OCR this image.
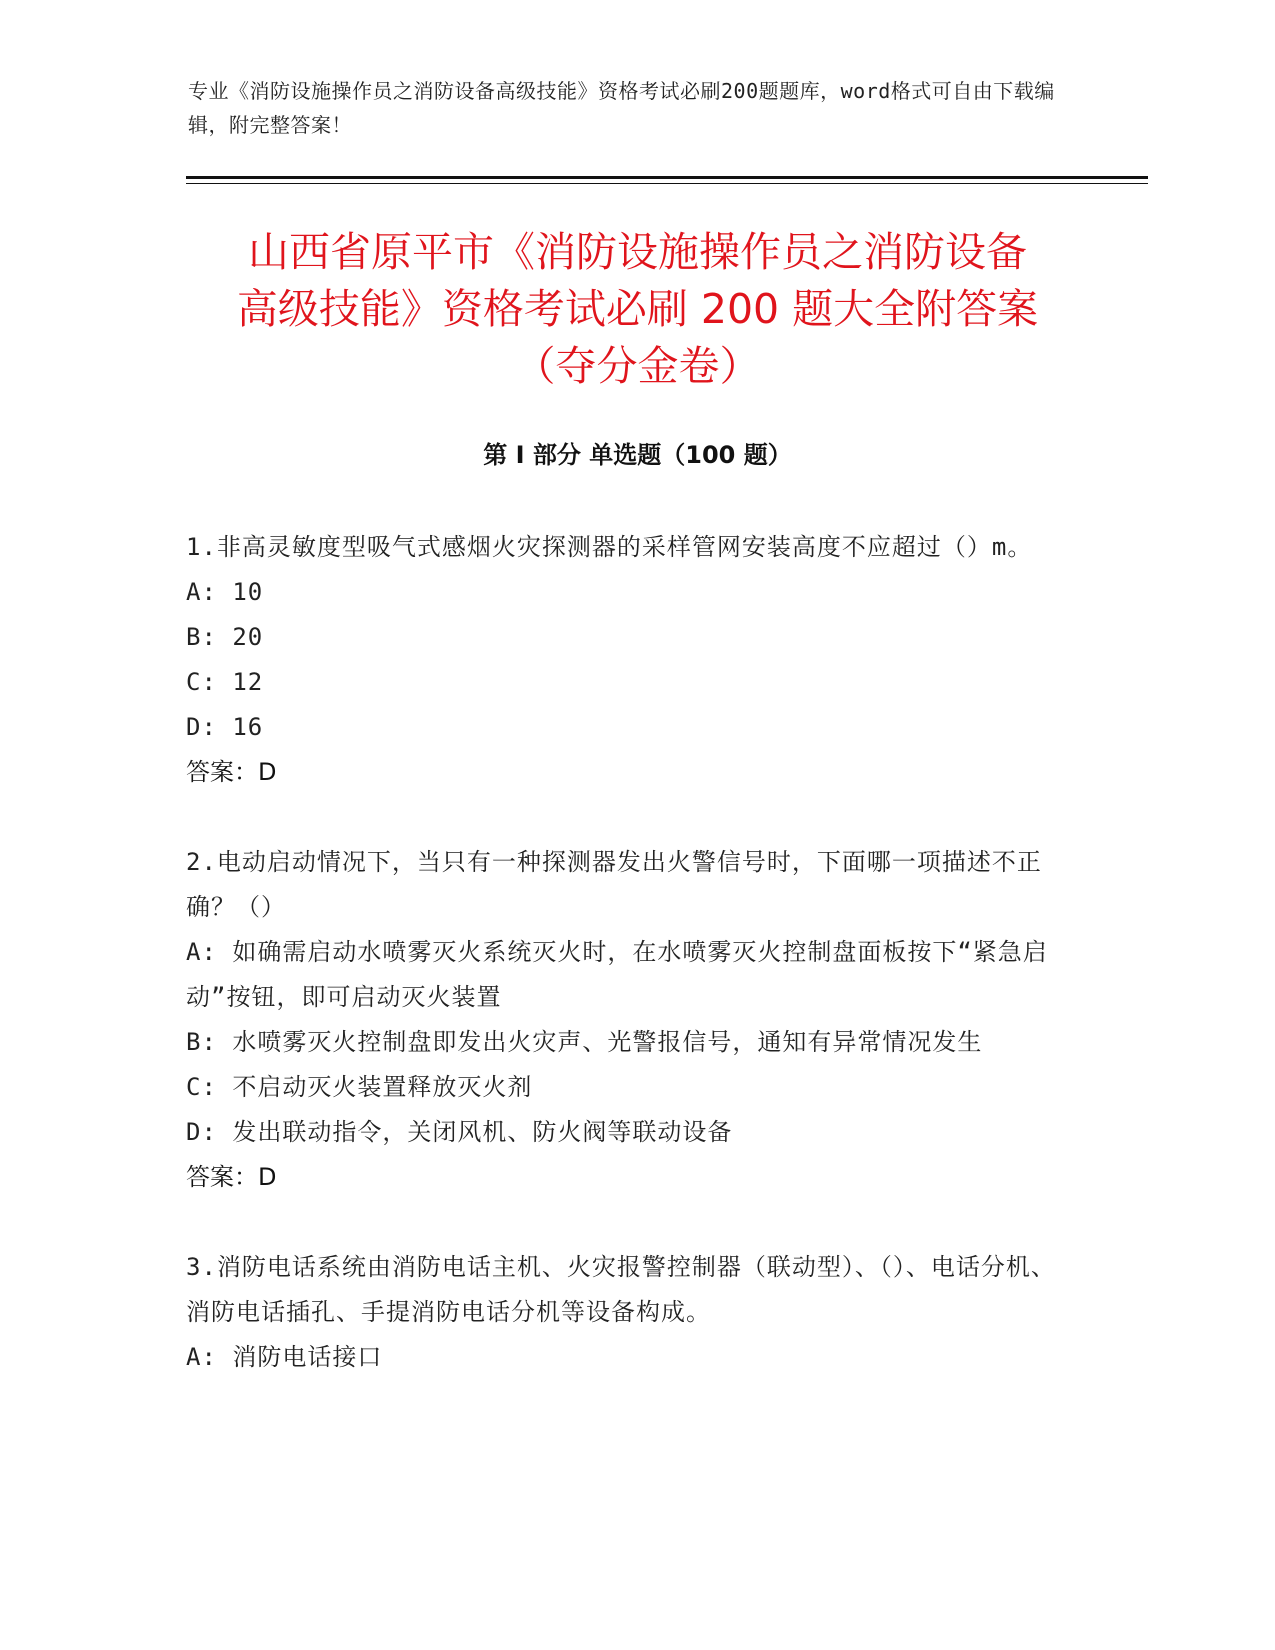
专业《消防设施操作员之消防设备高级技能》资格考试必刷200题题库，word格式可自由下载编辑，附完整答案！
山西省原平市《消防设施操作员之消防设备
高级技能》资格考试必刷 200 题大全附答案
（夺分金卷）
第 I 部分 单选题（100 题）

1.非高灵敏度型吸气式感烟火灾探测器的采样管网安装高度不应超过（）m。

A: 10

B: 20

C: 12

D: 16

答案：D

2.电动启动情况下，当只有一种探测器发出火警信号时，下面哪一项描述不正确？（）

A: 如确需启动水喷雾灭火系统灭火时，在水喷雾灭火控制盘面板按下“紧急启动”按钮，即可启动灭火装置

B: 水喷雾灭火控制盘即发出火灾声、光警报信号，通知有异常情况发生

C: 不启动灭火装置释放灭火剂

D: 发出联动指令，关闭风机、防火阀等联动设备

答案：D

3.消防电话系统由消防电话主机、火灾报警控制器（联动型）、（）、电话分机、消防电话插孔、手提消防电话分机等设备构成。

A: 消防电话接口
